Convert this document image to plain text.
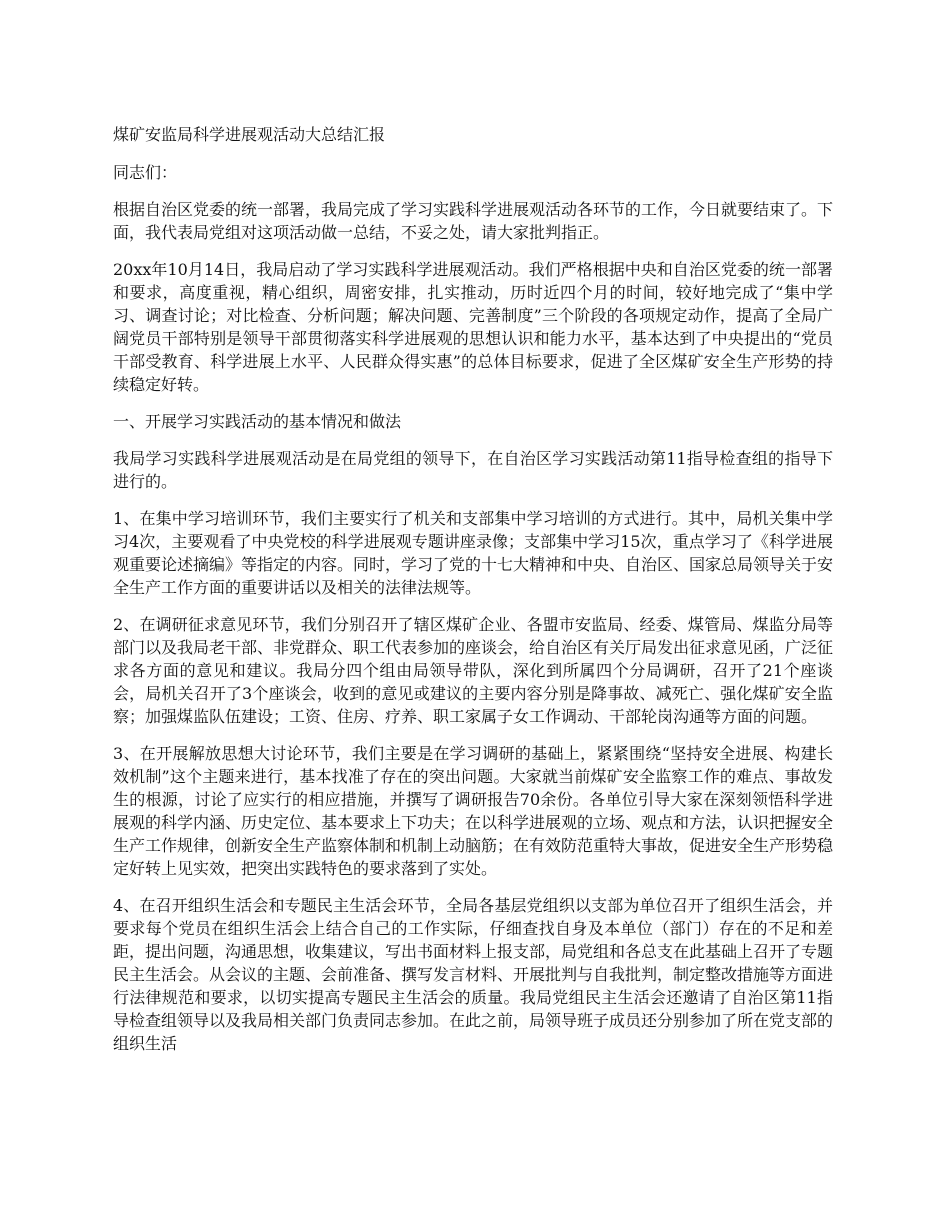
煤矿安监局科学进展观活动大总结汇报

同志们：

根据自治区党委的统一部署，我局完成了学习实践科学进展观活动各环节的工作，今日就要结束了。下面，我代表局党组对这项活动做一总结，不妥之处，请大家批判指正。

20xx年10月14日，我局启动了学习实践科学进展观活动。我们严格根据中央和自治区党委的统一部署和要求，高度重视，精心组织，周密安排，扎实推动，历时近四个月的时间，较好地完成了“集中学习、调查讨论；对比检查、分析问题；解决问题、完善制度”三个阶段的各项规定动作，提高了全局广阔党员干部特别是领导干部贯彻落实科学进展观的思想认识和能力水平，基本达到了中央提出的“党员干部受教育、科学进展上水平、人民群众得实惠”的总体目标要求，促进了全区煤矿安全生产形势的持续稳定好转。

一、开展学习实践活动的基本情况和做法

我局学习实践科学进展观活动是在局党组的领导下，在自治区学习实践活动第11指导检查组的指导下进行的。

1、在集中学习培训环节，我们主要实行了机关和支部集中学习培训的方式进行。其中，局机关集中学习4次，主要观看了中央党校的科学进展观专题讲座录像；支部集中学习15次，重点学习了《科学进展观重要论述摘编》等指定的内容。同时，学习了党的十七大精神和中央、自治区、国家总局领导关于安全生产工作方面的重要讲话以及相关的法律法规等。

2、在调研征求意见环节，我们分别召开了辖区煤矿企业、各盟市安监局、经委、煤管局、煤监分局等部门以及我局老干部、非党群众、职工代表参加的座谈会，给自治区有关厅局发出征求意见函，广泛征求各方面的意见和建议。我局分四个组由局领导带队，深化到所属四个分局调研，召开了21个座谈会，局机关召开了3个座谈会，收到的意见或建议的主要内容分别是降事故、减死亡、强化煤矿安全监察；加强煤监队伍建设；工资、住房、疗养、职工家属子女工作调动、干部轮岗沟通等方面的问题。

3、在开展解放思想大讨论环节，我们主要是在学习调研的基础上，紧紧围绕“坚持安全进展、构建长效机制”这个主题来进行，基本找准了存在的突出问题。大家就当前煤矿安全监察工作的难点、事故发生的根源，讨论了应实行的相应措施，并撰写了调研报告70余份。各单位引导大家在深刻领悟科学进展观的科学内涵、历史定位、基本要求上下功夫；在以科学进展观的立场、观点和方法，认识把握安全生产工作规律，创新安全生产监察体制和机制上动脑筋；在有效防范重特大事故，促进安全生产形势稳定好转上见实效，把突出实践特色的要求落到了实处。

4、在召开组织生活会和专题民主生活会环节，全局各基层党组织以支部为单位召开了组织生活会，并要求每个党员在组织生活会上结合自己的工作实际，仔细查找自身及本单位（部门）存在的不足和差距，提出问题，沟通思想，收集建议，写出书面材料上报支部，局党组和各总支在此基础上召开了专题民主生活会。从会议的主题、会前准备、撰写发言材料、开展批判与自我批判，制定整改措施等方面进行法律规范和要求，以切实提高专题民主生活会的质量。我局党组民主生活会还邀请了自治区第11指导检查组领导以及我局相关部门负责同志参加。在此之前，局领导班子成员还分别参加了所在党支部的组织生活
